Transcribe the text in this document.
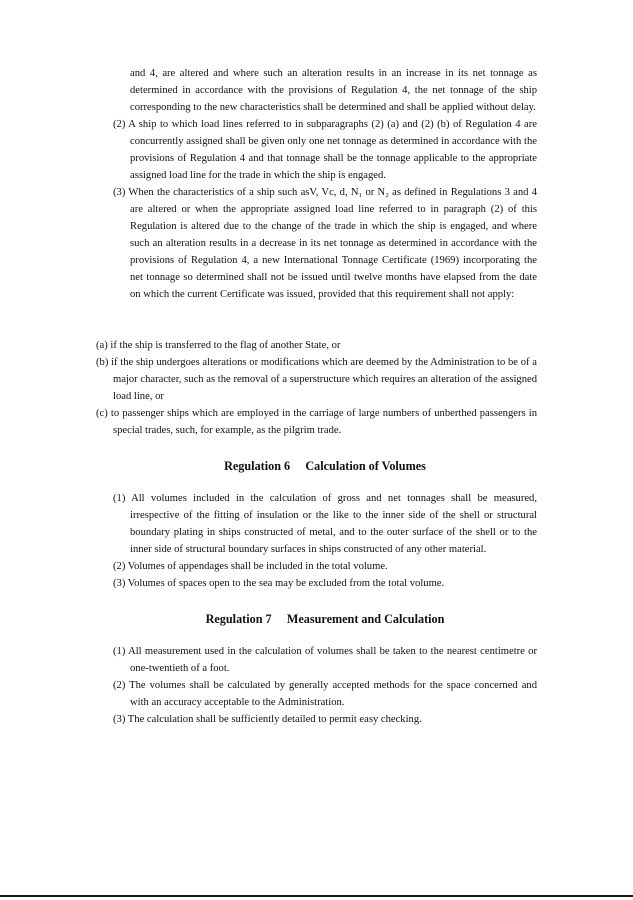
and 4, are altered and where such an alteration results in an increase in its net tonnage as determined in accordance with the provisions of Regulation 4, the net tonnage of the ship corresponding to the new characteristics shall be determined and shall be applied without delay.

(2) A ship to which load lines referred to in subparagraphs (2) (a) and (2) (b) of Regulation 4 are concurrently assigned shall be given only one net tonnage as determined in accordance with the provisions of Regulation 4 and that tonnage shall be the tonnage applicable to the appropriate assigned load line for the trade in which the ship is engaged.

(3) When the characteristics of a ship such asV, Vc, d, N₁ or N₂ as defined in Regulations 3 and 4 are altered or when the appropriate assigned load line referred to in paragraph (2) of this Regulation is altered due to the change of the trade in which the ship is engaged, and where such an alteration results in a decrease in its net tonnage as determined in accordance with the provisions of Regulation 4, a new International Tonnage Certificate (1969) incorporating the net tonnage so determined shall not be issued until twelve months have elapsed from the date on which the current Certificate was issued, provided that this requirement shall not apply:

(a) if the ship is transferred to the flag of another State, or

(b) if the ship undergoes alterations or modifications which are deemed by the Administration to be of a major character, such as the removal of a superstructure which requires an alteration of the assigned load line, or

(c) to passenger ships which are employed in the carriage of large numbers of unberthed passengers in special trades, such, for example, as the pilgrim trade.

Regulation 6  Calculation of Volumes

(1) All volumes included in the calculation of gross and net tonnages shall be measured, irrespective of the fitting of insulation or the like to the inner side of the shell or structural boundary plating in ships constructed of metal, and to the outer surface of the shell or to the inner side of structural boundary surfaces in ships constructed of any other material.

(2) Volumes of appendages shall be included in the total volume.

(3) Volumes of spaces open to the sea may be excluded from the total volume.

Regulation 7  Measurement and Calculation

(1) All measurement used in the calculation of volumes shall be taken to the nearest centimetre or one-twentieth of a foot.

(2) The volumes shall be calculated by generally accepted methods for the space concerned and with an accuracy acceptable to the Administration.

(3) The calculation shall be sufficiently detailed to permit easy checking.
